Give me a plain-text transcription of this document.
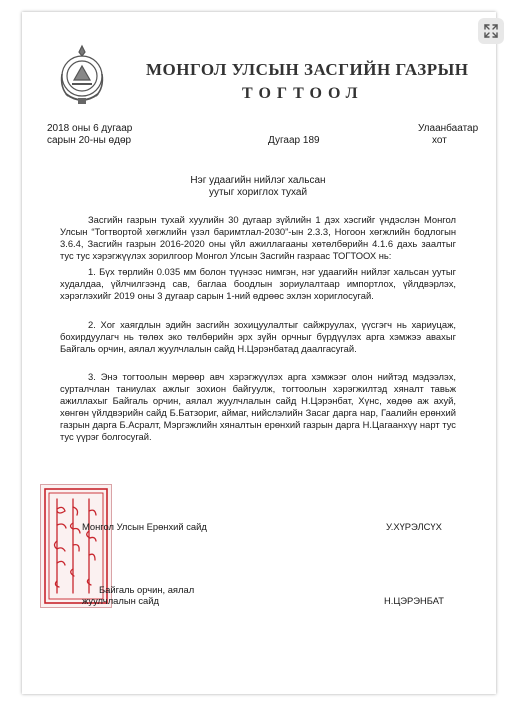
МОНГОЛ УЛСЫН ЗАСГИЙН ГАЗРЫН
ТОГТООЛ
2018 оны 6 дугаар
сарын 20-ны өдөр	Дугаар 189
Улаанбаатар
хот
Нэг удаагийн нийлэг хальсан
уутыг хориглох тухай

Засгийн газрын тухай хуулийн 30 дугаар зүйлийн 1 дэх хэсгийг үндэслэн Монгол Улсын “Тогтвортой хөгжлийн үзэл баримтлал-2030”-ын 2.3.3, Ногоон хөгжлийн бодлогын 3.6.4, Засгийн газрын 2016-2020 оны үйл ажиллагааны хөтөлбөрийн 4.1.6 дахь заалтыг тус тус хэрэгжүүлэх зорилгоор Монгол Улсын Засгийн газраас ТОГТООХ нь:

1. Бүх төрлийн 0.035 мм болон түүнээс нимгэн, нэг удаагийн нийлэг хальсан уутыг худалдаа, үйлчилгээнд сав, баглаа боодлын зориулалтаар импортлох, үйлдвэрлэх, хэрэглэхийг 2019 оны 3 дугаар сарын 1-ний өдрөөс эхлэн хориглосугай.

2. Хог хаягдлын эдийн засгийн зохицуулалтыг сайжруулах, үүсгэгч нь хариуцаж, бохирдуулагч нь төлөх эко төлбөрийн эрх зүйн орчныг бүрдүүлэх арга хэмжээ авахыг Байгаль орчин, аялал жуулчлалын сайд Н.Цэрэнбатад даалгасугай.

3. Энэ тогтоолын мөрөөр авч хэрэгжүүлэх арга хэмжээг олон нийтэд мэдээлэх, сурталчлан таниулах ажлыг зохион байгуулж, тогтоолын хэрэгжилтэд хяналт тавьж ажиллахыг Байгаль орчин, аялал жуулчлалын сайд Н.Цэрэнбат, Хүнс, хөдөө аж ахуй, хөнгөн үйлдвэрийн сайд Б.Батзориг, аймаг, нийслэлийн Засаг дарга нар, Гаалийн ерөнхий газрын дарга Б.Асралт, Мэргэжлийн хяналтын ерөнхий газрын дарга Н.Цагаанхүү нарт тус тус үүрэг болгосугай.

Монгол Улсын Ерөнхий сайд	У.ХҮРЭЛСҮХ
Байгаль орчин, аялал
жуулчлалын сайд	Н.ЦЭРЭНБАТ
